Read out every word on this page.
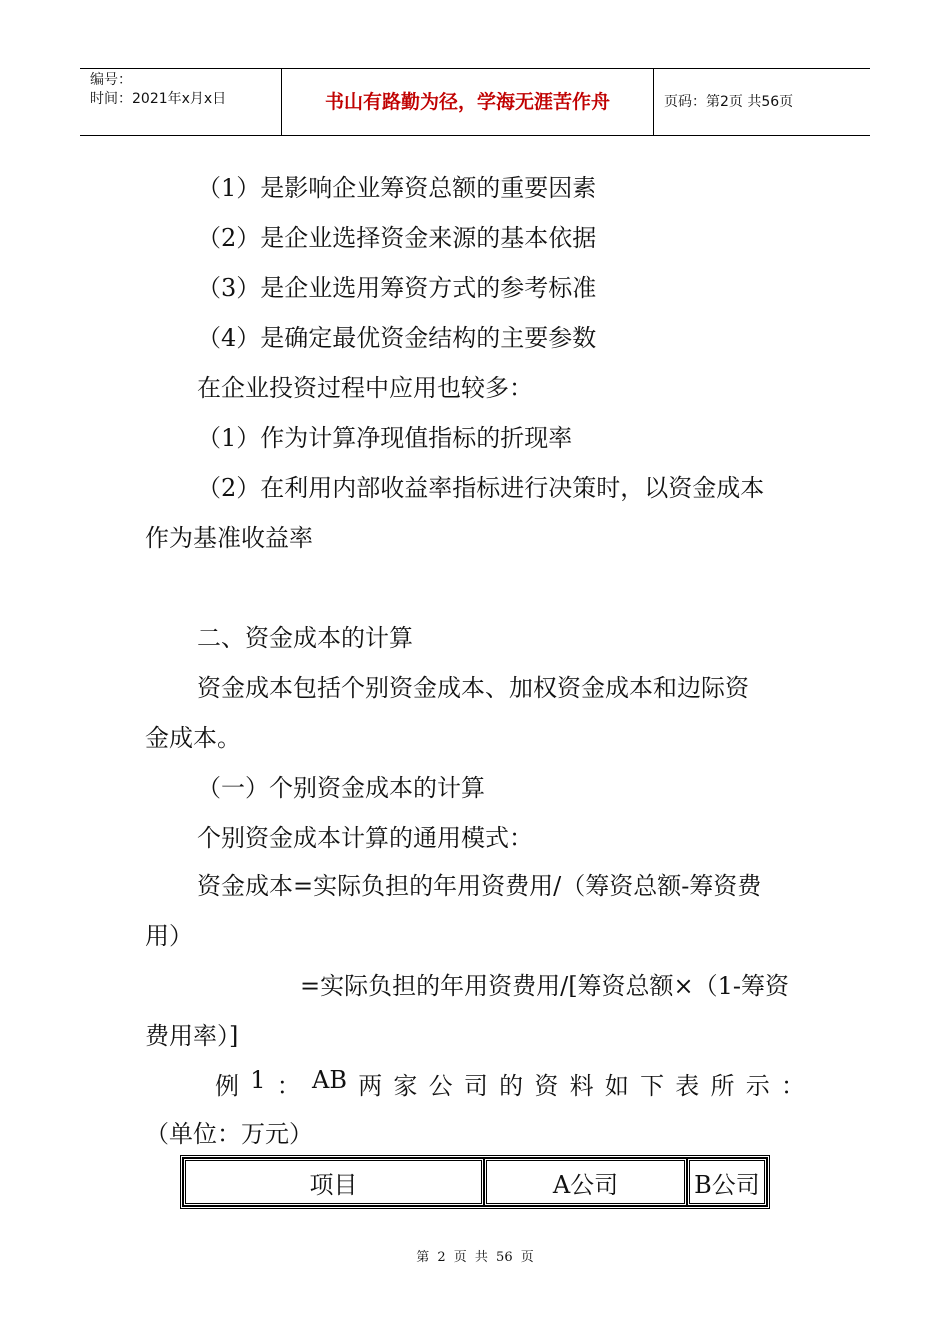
编号：
时间：2021年x月x日	书山有路勤为径，学海无涯苦作舟	页码：第2页 共56页
（1）是影响企业筹资总额的重要因素
（2）是企业选择资金来源的基本依据
（3）是企业选用筹资方式的参考标准
（4）是确定最优资金结构的主要参数
在企业投资过程中应用也较多：
（1）作为计算净现值指标的折现率
（2）在利用内部收益率指标进行决策时，以资金成本
作为基准收益率
二、资金成本的计算
资金成本包括个别资金成本、加权资金成本和边际资
金成本。
（一）个别资金成本的计算
个别资金成本计算的通用模式：
资金成本=实际负担的年用资费用/（筹资总额-筹资费
用）
=实际负担的年用资费用/[筹资总额×（1-筹资
费用率）]
例 1 ： AB 两 家 公 司 的 资 料 如 下 表 所 示 ：
（单位：万元）
项目	A公司	B公司
第 2 页 共 56 页
